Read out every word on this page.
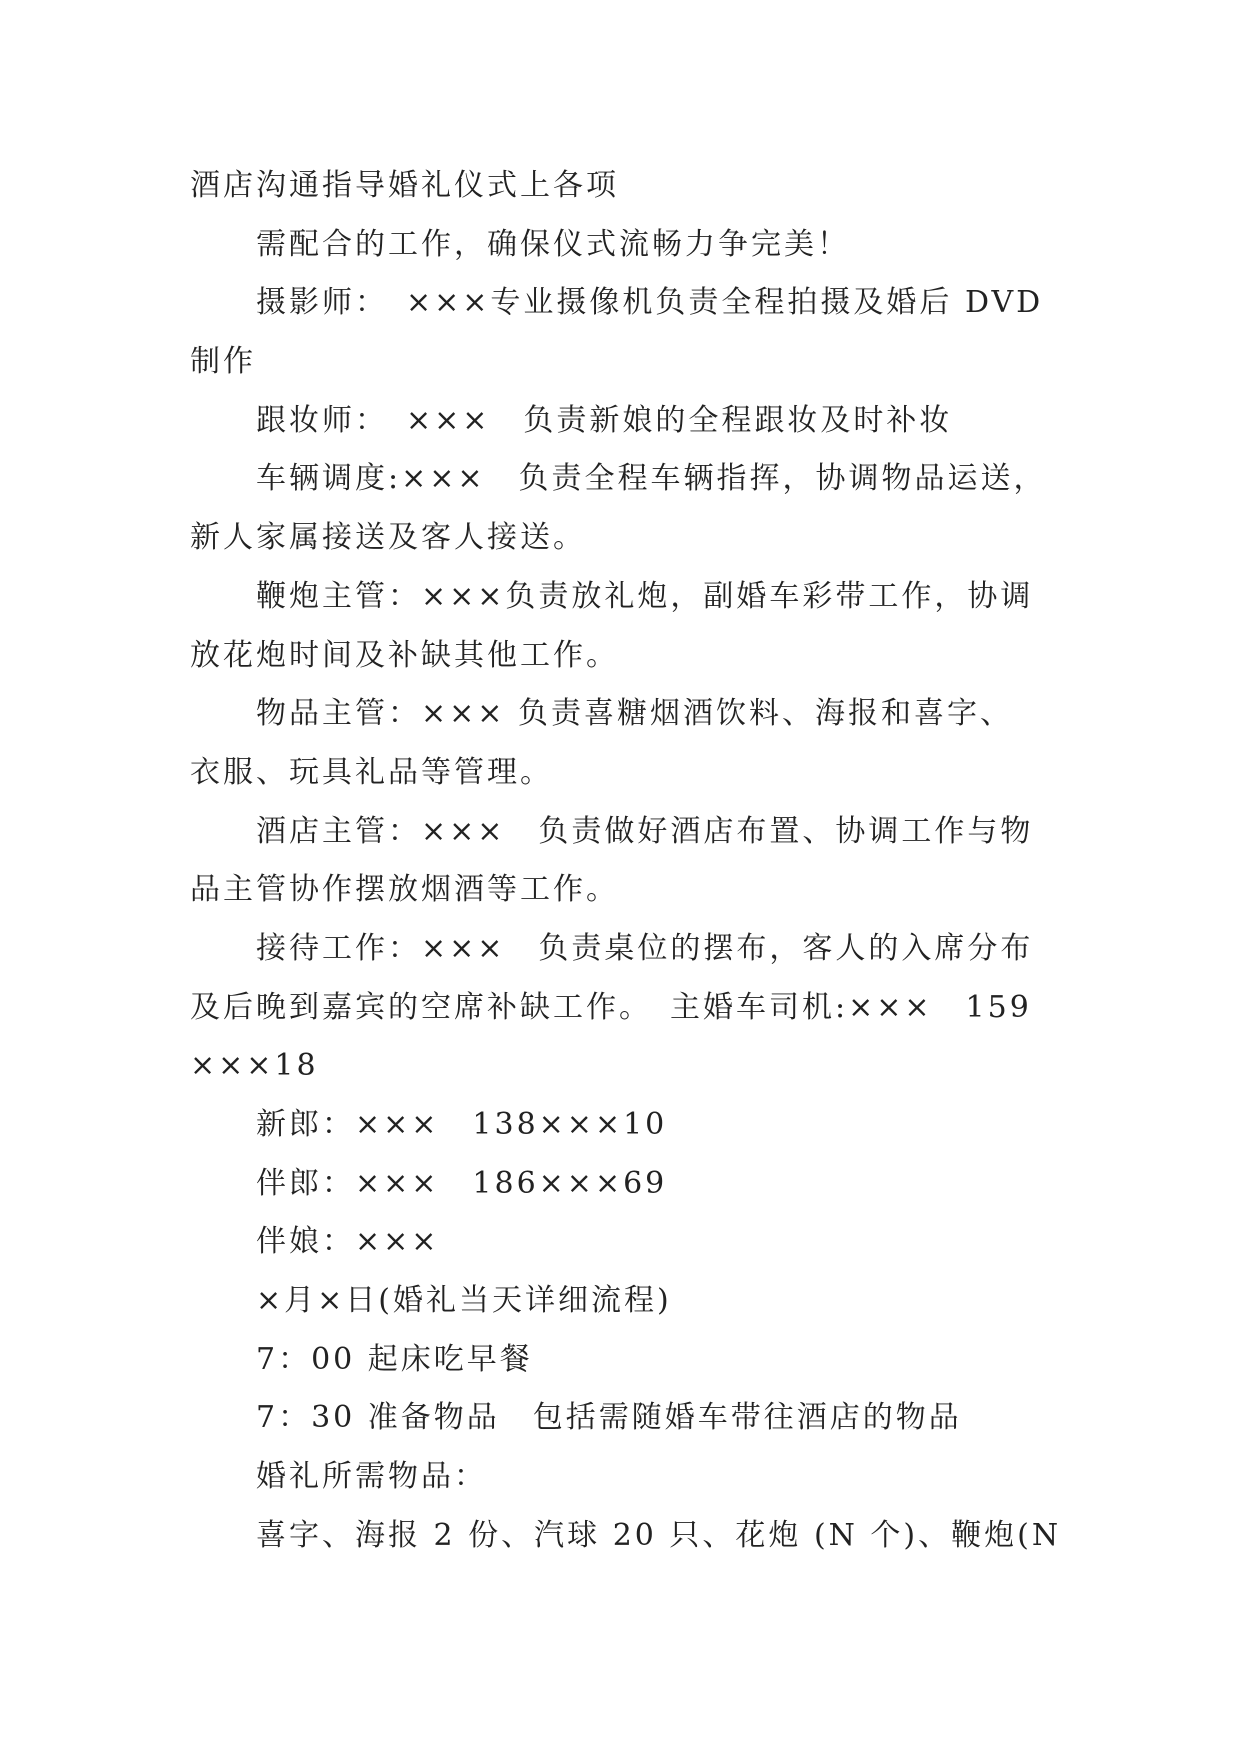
酒店沟通指导婚礼仪式上各项
需配合的工作，确保仪式流畅力争完美！
摄影师：　×××专业摄像机负责全程拍摄及婚后 DVD
制作
跟妆师：　×××　负责新娘的全程跟妆及时补妆
车辆调度:×××　负责全程车辆指挥，协调物品运送，
新人家属接送及客人接送。
鞭炮主管：×××负责放礼炮，副婚车彩带工作，协调
放花炮时间及补缺其他工作。
物品主管：××× 负责喜糖烟酒饮料、海报和喜字、
衣服、玩具礼品等管理。
酒店主管：×××　负责做好酒店布置、协调工作与物
品主管协作摆放烟酒等工作。
接待工作：×××　负责桌位的摆布，客人的入席分布
及后晚到嘉宾的空席补缺工作。　主婚车司机:×××　159
×××18
新郎：×××　138×××10
伴郎：×××　186×××69
伴娘：×××
×月×日(婚礼当天详细流程)
7：00 起床吃早餐
7：30 准备物品　包括需随婚车带往酒店的物品
婚礼所需物品：
喜字、海报 2 份、汽球 20 只、花炮 (N 个)、鞭炮(N
